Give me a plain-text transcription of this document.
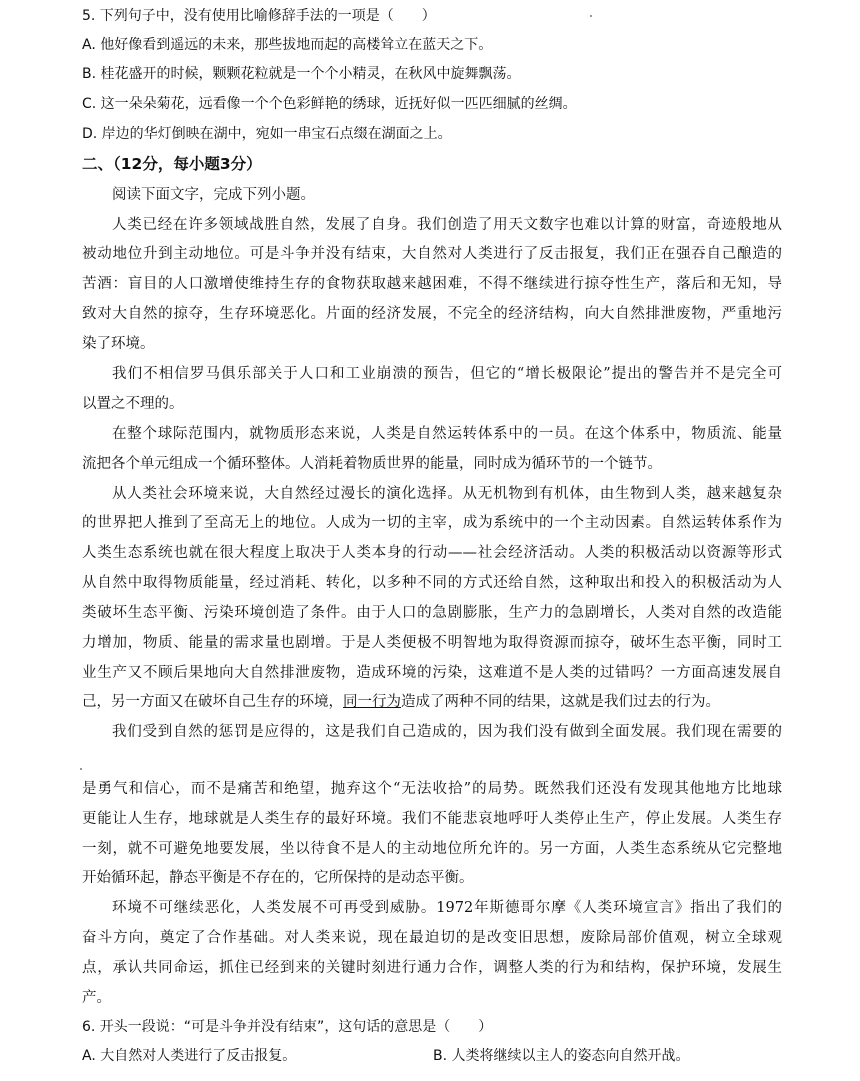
5. 下列句子中，没有使用比喻修辞手法的一项是（　　）
A. 他好像看到遥远的未来，那些拔地而起的高楼耸立在蓝天之下。
B. 桂花盛开的时候，颗颗花粒就是一个个小精灵，在秋风中旋舞飘荡。
C. 这一朵朵菊花，远看像一个个色彩鲜艳的绣球，近抚好似一匹匹细腻的丝绸。
D. 岸边的华灯倒映在湖中，宛如一串宝石点缀在湖面之上。
二、（12分，每小题3分）
阅读下面文字，完成下列小题。
人类已经在许多领域战胜自然，发展了自身。我们创造了用天文数字也难以计算的财富，奇迹般地从
被动地位升到主动地位。可是斗争并没有结束，大自然对人类进行了反击报复，我们正在强吞自己酿造的
苦酒：盲目的人口激增使维持生存的食物获取越来越困难，不得不继续进行掠夺性生产，落后和无知，导
致对大自然的掠夺，生存环境恶化。片面的经济发展，不完全的经济结构，向大自然排泄废物，严重地污
染了环境。
我们不相信罗马俱乐部关于人口和工业崩溃的预告，但它的“增长极限论”提出的警告并不是完全可
以置之不理的。
在整个球际范围内，就物质形态来说，人类是自然运转体系中的一员。在这个体系中，物质流、能量
流把各个单元组成一个循环整体。人消耗着物质世界的能量，同时成为循环节的一个链节。
从人类社会环境来说，大自然经过漫长的演化选择。从无机物到有机体，由生物到人类，越来越复杂
的世界把人推到了至高无上的地位。人成为一切的主宰，成为系统中的一个主动因素。自然运转体系作为
人类生态系统也就在很大程度上取决于人类本身的行动——社会经济活动。人类的积极活动以资源等形式
从自然中取得物质能量，经过消耗、转化，以多种不同的方式还给自然，这种取出和投入的积极活动为人
类破坏生态平衡、污染环境创造了条件。由于人口的急剧膨胀，生产力的急剧增长，人类对自然的改造能
力增加，物质、能量的需求量也剧增。于是人类便极不明智地为取得资源而掠夺，破坏生态平衡，同时工
业生产又不顾后果地向大自然排泄废物，造成环境的污染，这难道不是人类的过错吗？一方面高速发展自
己，另一方面又在破坏自己生存的环境，同一行为造成了两种不同的结果，这就是我们过去的行为。
我们受到自然的惩罚是应得的，这是我们自己造成的，因为我们没有做到全面发展。我们现在需要的
是勇气和信心，而不是痛苦和绝望，抛弃这个“无法收拾”的局势。既然我们还没有发现其他地方比地球
更能让人生存，地球就是人类生存的最好环境。我们不能悲哀地呼吁人类停止生产，停止发展。人类生存
一刻，就不可避免地要发展，坐以待食不是人的主动地位所允许的。另一方面，人类生态系统从它完整地
开始循环起，静态平衡是不存在的，它所保持的是动态平衡。
环境不可继续恶化，人类发展不可再受到威胁。1972年斯德哥尔摩《人类环境宣言》指出了我们的
奋斗方向，奠定了合作基础。对人类来说，现在最迫切的是改变旧思想，废除局部价值观，树立全球观
点，承认共同命运，抓住已经到来的关键时刻进行通力合作，调整人类的行为和结构，保护环境，发展生
产。
6. 开头一段说：“可是斗争并没有结束”，这句话的意思是（　　）
A. 大自然对人类进行了反击报复。	B. 人类将继续以主人的姿态向自然开战。
